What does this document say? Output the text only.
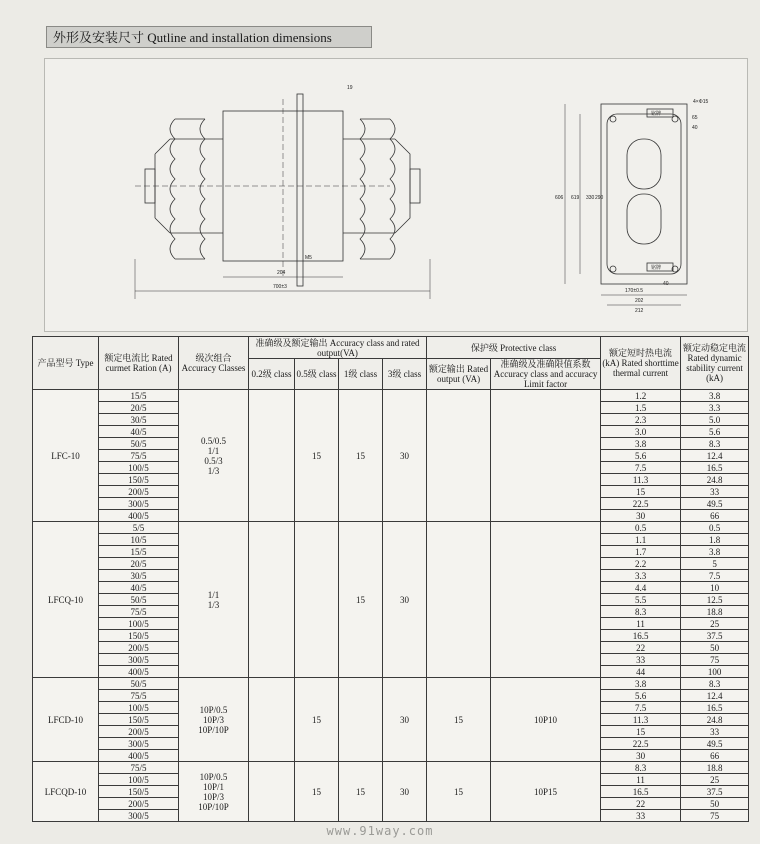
外形及安装尺寸 Qutline and installation dimensions
19
204
700±3
M5
4×Φ15
606 619 330 290
170±0.5
202
212
40
65
40
铭牌
铭牌
产品型号 Type	额定电流比 Rated curmet Ration (A)	级次组合 Accuracy Classes	准确级及额定输出 Accuracy class and rated output(VA)				保护级 Protective class		额定短时热电流(kA) Rated shorttime thermal current	额定动稳定电流 Rated dynamic stability current (kA)
			0.2级 class	0.5级 class	1级 class	3级 class	额定输出 Rated output (VA)	准确级及准确限值系数 Accuracy class and accuracy Limit factor		
LFC-10	15/5	0.5/0.5
1/1
0.5/3
1/3		15	15	30			1.2	3.8
	20/5								1.5	3.3
	30/5								2.3	5.0
	40/5								3.0	5.6
	50/5								3.8	8.3
	75/5								5.6	12.4
	100/5								7.5	16.5
	150/5								11.3	24.8
	200/5								15	33
	300/5								22.5	49.5
	400/5								30	66
LFCQ-10	5/5	1/1
1/3			15	30			0.5	0.5
	10/5								1.1	1.8
	15/5								1.7	3.8
	20/5								2.2	5
	30/5								3.3	7.5
	40/5								4.4	10
	50/5								5.5	12.5
	75/5								8.3	18.8
	100/5								11	25
	150/5								16.5	37.5
	200/5								22	50
	300/5								33	75
	400/5								44	100
LFCD-10	50/5	10P/0.5
10P/3
10P/10P		15		30	15	10P10	3.8	8.3
	75/5								5.6	12.4
	100/5								7.5	16.5
	150/5								11.3	24.8
	200/5								15	33
	300/5								22.5	49.5
	400/5								30	66
LFCQD-10	75/5	10P/0.5
10P/1
10P/3
10P/10P		15	15	30	15	10P15	8.3	18.8
	100/5								11	25
	150/5								16.5	37.5
	200/5								22	50
	300/5								33	75
www.91way.com
